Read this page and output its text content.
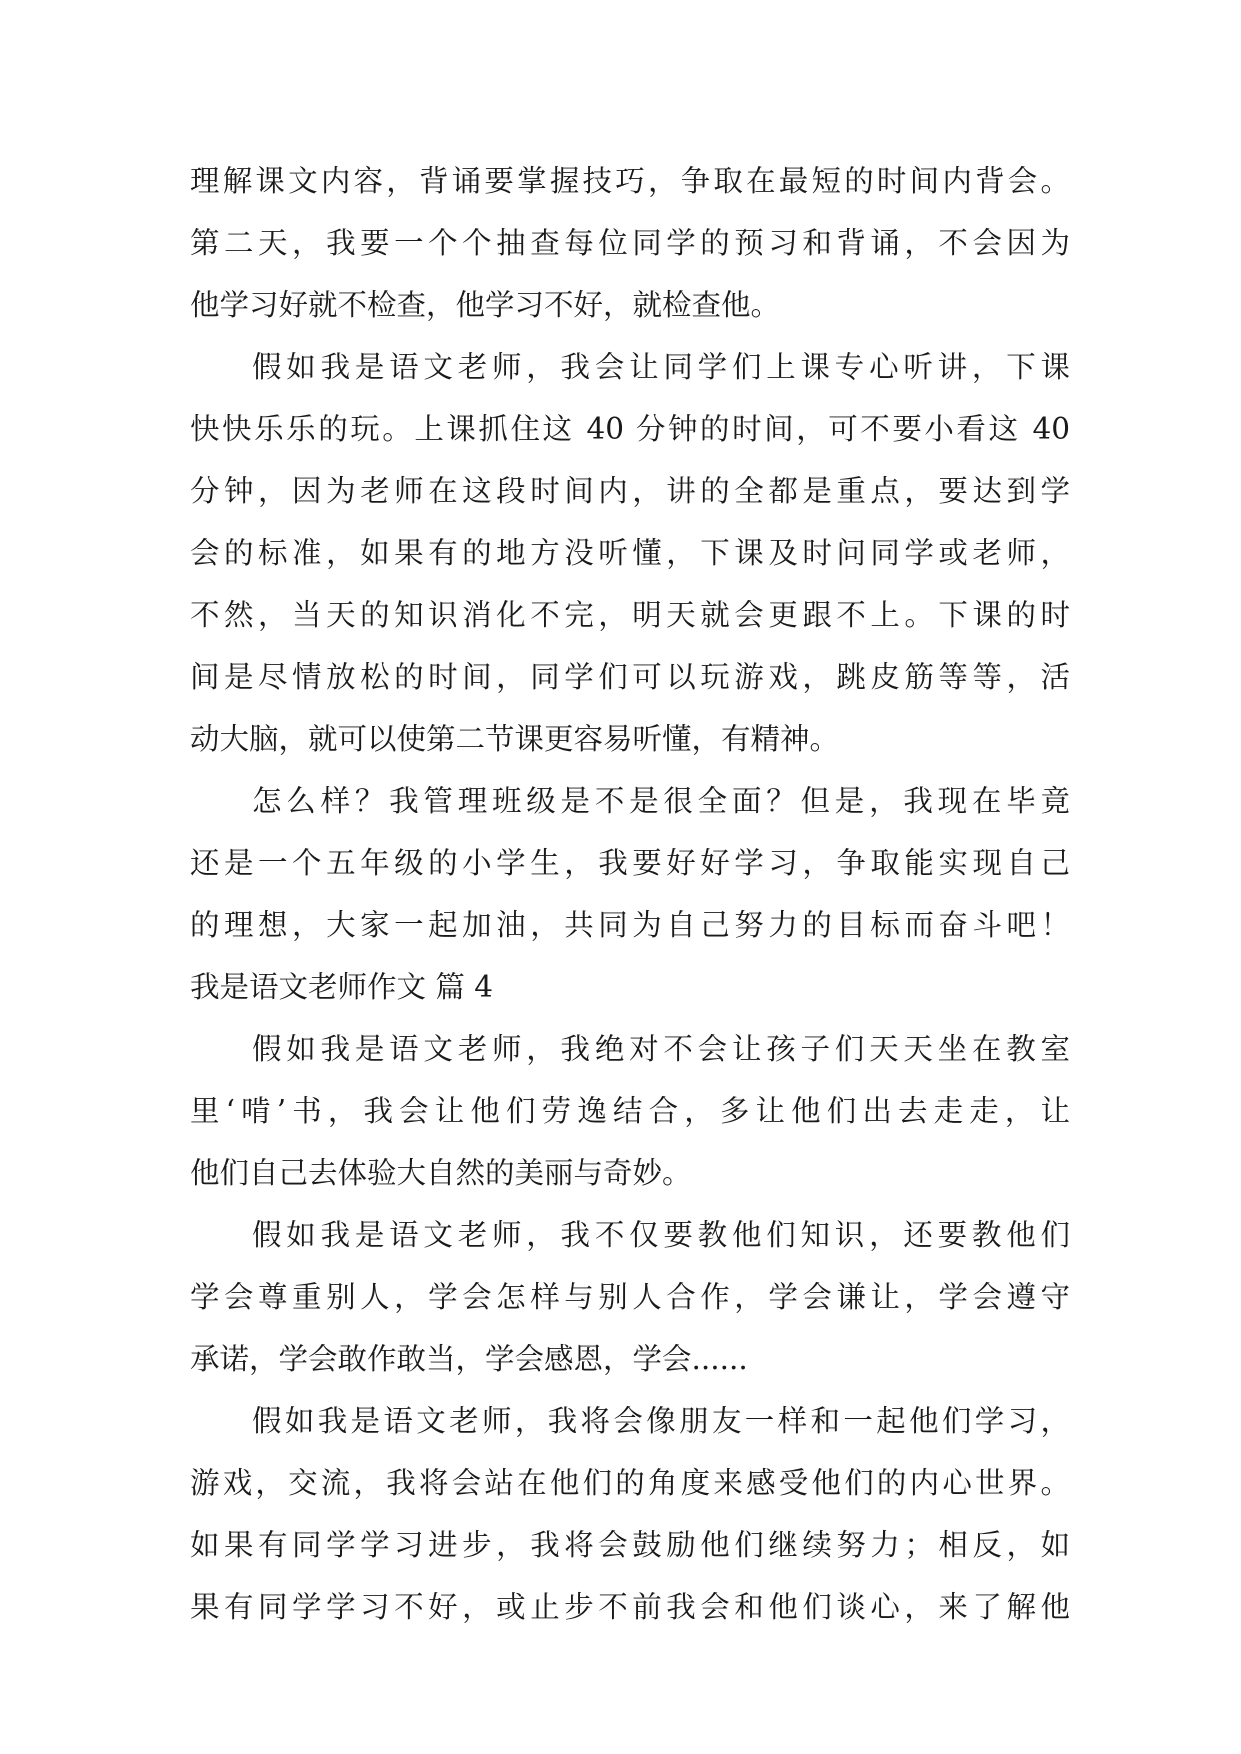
理解课文内容，背诵要掌握技巧，争取在最短的时间内背会。
第二天，我要一个个抽查每位同学的预习和背诵，不会因为
他学习好就不检查，他学习不好，就检查他。
假如我是语文老师，我会让同学们上课专心听讲，下课
快快乐乐的玩。上课抓住这 40 分钟的时间，可不要小看这 40
分钟，因为老师在这段时间内，讲的全都是重点，要达到学
会的标准，如果有的地方没听懂，下课及时问同学或老师，
不然，当天的知识消化不完，明天就会更跟不上。下课的时
间是尽情放松的时间，同学们可以玩游戏，跳皮筋等等，活
动大脑，就可以使第二节课更容易听懂，有精神。
怎么样？我管理班级是不是很全面？但是，我现在毕竟
还是一个五年级的小学生，我要好好学习，争取能实现自己
的理想，大家一起加油，共同为自己努力的目标而奋斗吧！
我是语文老师作文 篇 4
假如我是语文老师，我绝对不会让孩子们天天坐在教室
里‘啃’书，我会让他们劳逸结合，多让他们出去走走，让
他们自己去体验大自然的美丽与奇妙。
假如我是语文老师，我不仅要教他们知识，还要教他们
学会尊重别人，学会怎样与别人合作，学会谦让，学会遵守
承诺，学会敢作敢当，学会感恩，学会......
假如我是语文老师，我将会像朋友一样和一起他们学习，
游戏，交流，我将会站在他们的角度来感受他们的内心世界。
如果有同学学习进步，我将会鼓励他们继续努力；相反，如
果有同学学习不好，或止步不前我会和他们谈心，来了解他
